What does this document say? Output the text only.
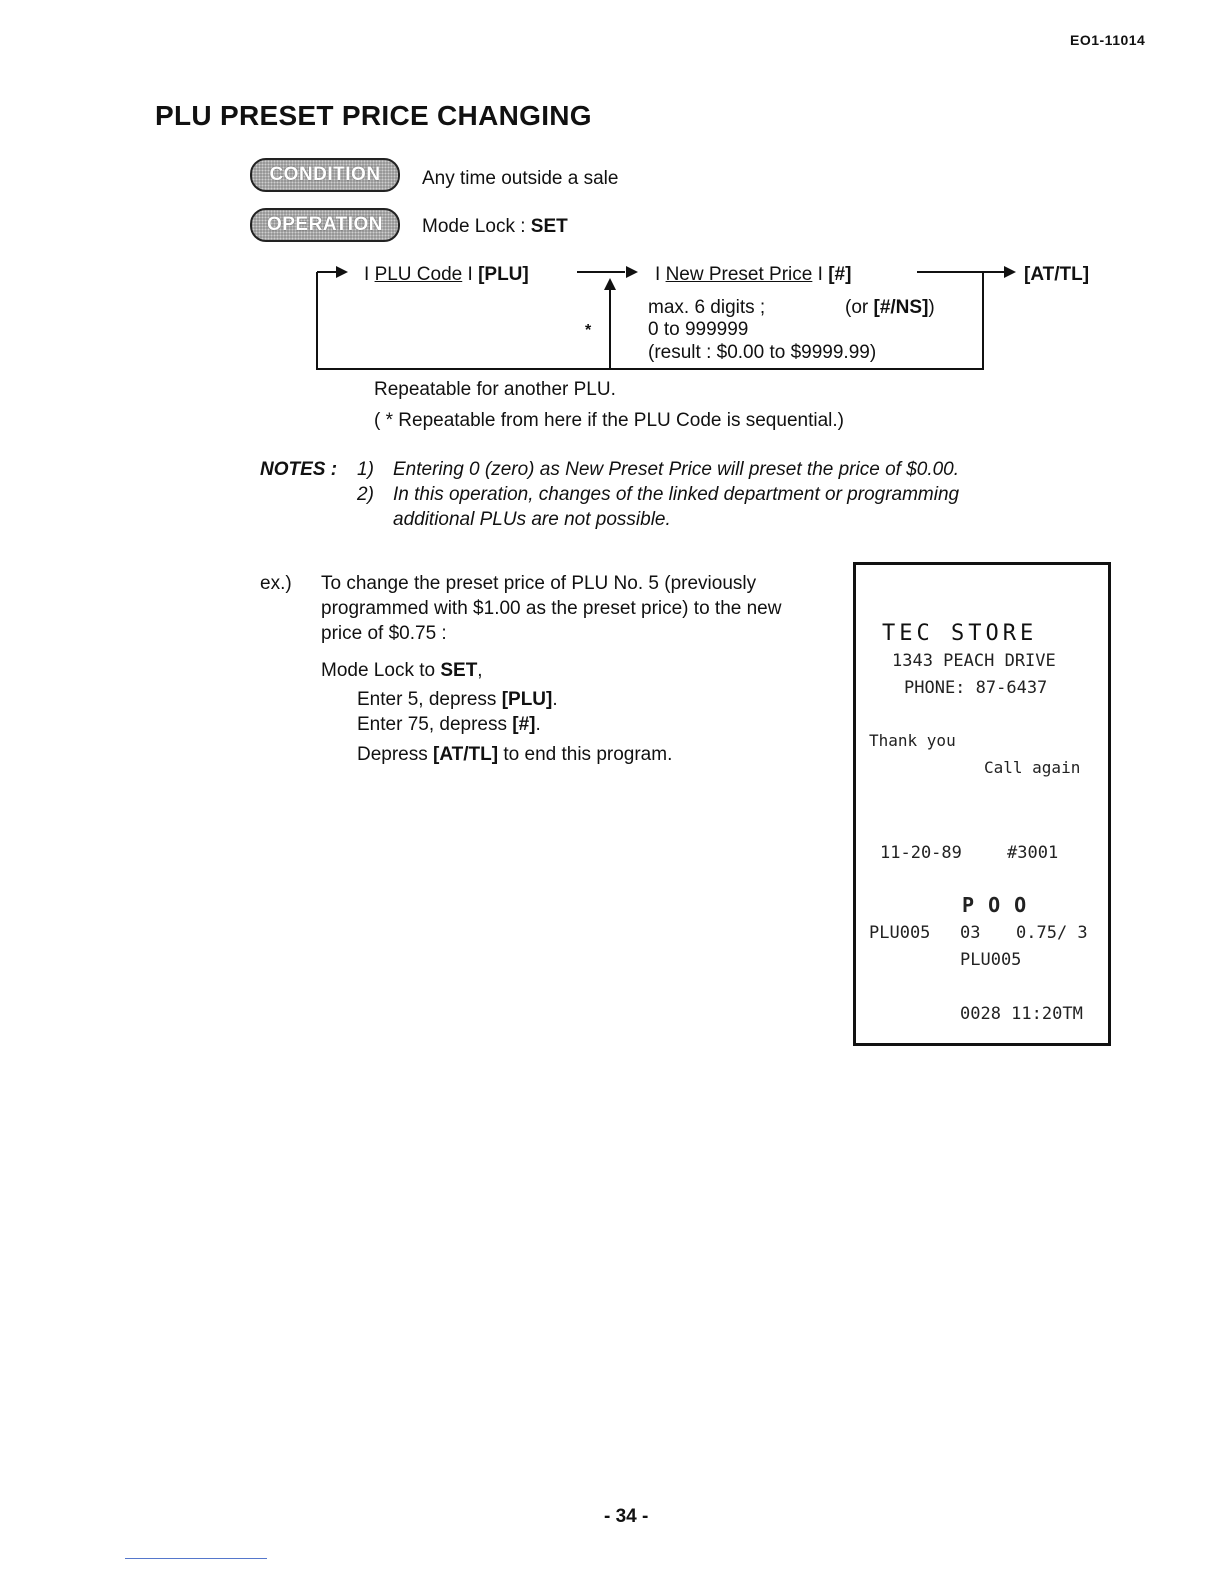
EO1-11014
PLU PRESET PRICE CHANGING
CONDITION Any time outside a sale
OPERATION Mode Lock : SET
I PLU Code I [PLU]	I New Preset Price I [#]	[AT/TL]
max. 6 digits ;	(or [#/NS])
0 to 999999
(result : $0.00 to $9999.99)
*
Repeatable for another PLU.
( * Repeatable from here if the PLU Code is sequential.)
NOTES : 1) Entering 0 (zero) as New Preset Price will preset the price of $0.00.
2) In this operation, changes of the linked department or programming
additional PLUs are not possible.
ex.) To change the preset price of PLU No. 5 (previously
programmed with $1.00 as the preset price) to the new
price of $0.75 :
Mode Lock to SET,
Enter 5, depress [PLU].
Enter 75, depress [#].
Depress [AT/TL] to end this program.
TEC STORE
1343 PEACH DRIVE
PHONE: 87-6437
Thank you
Call again
11-20-89	#3001
P O O
PLU005 03 0.75/ 3
PLU005
0028 11:20TM
- 34 -
